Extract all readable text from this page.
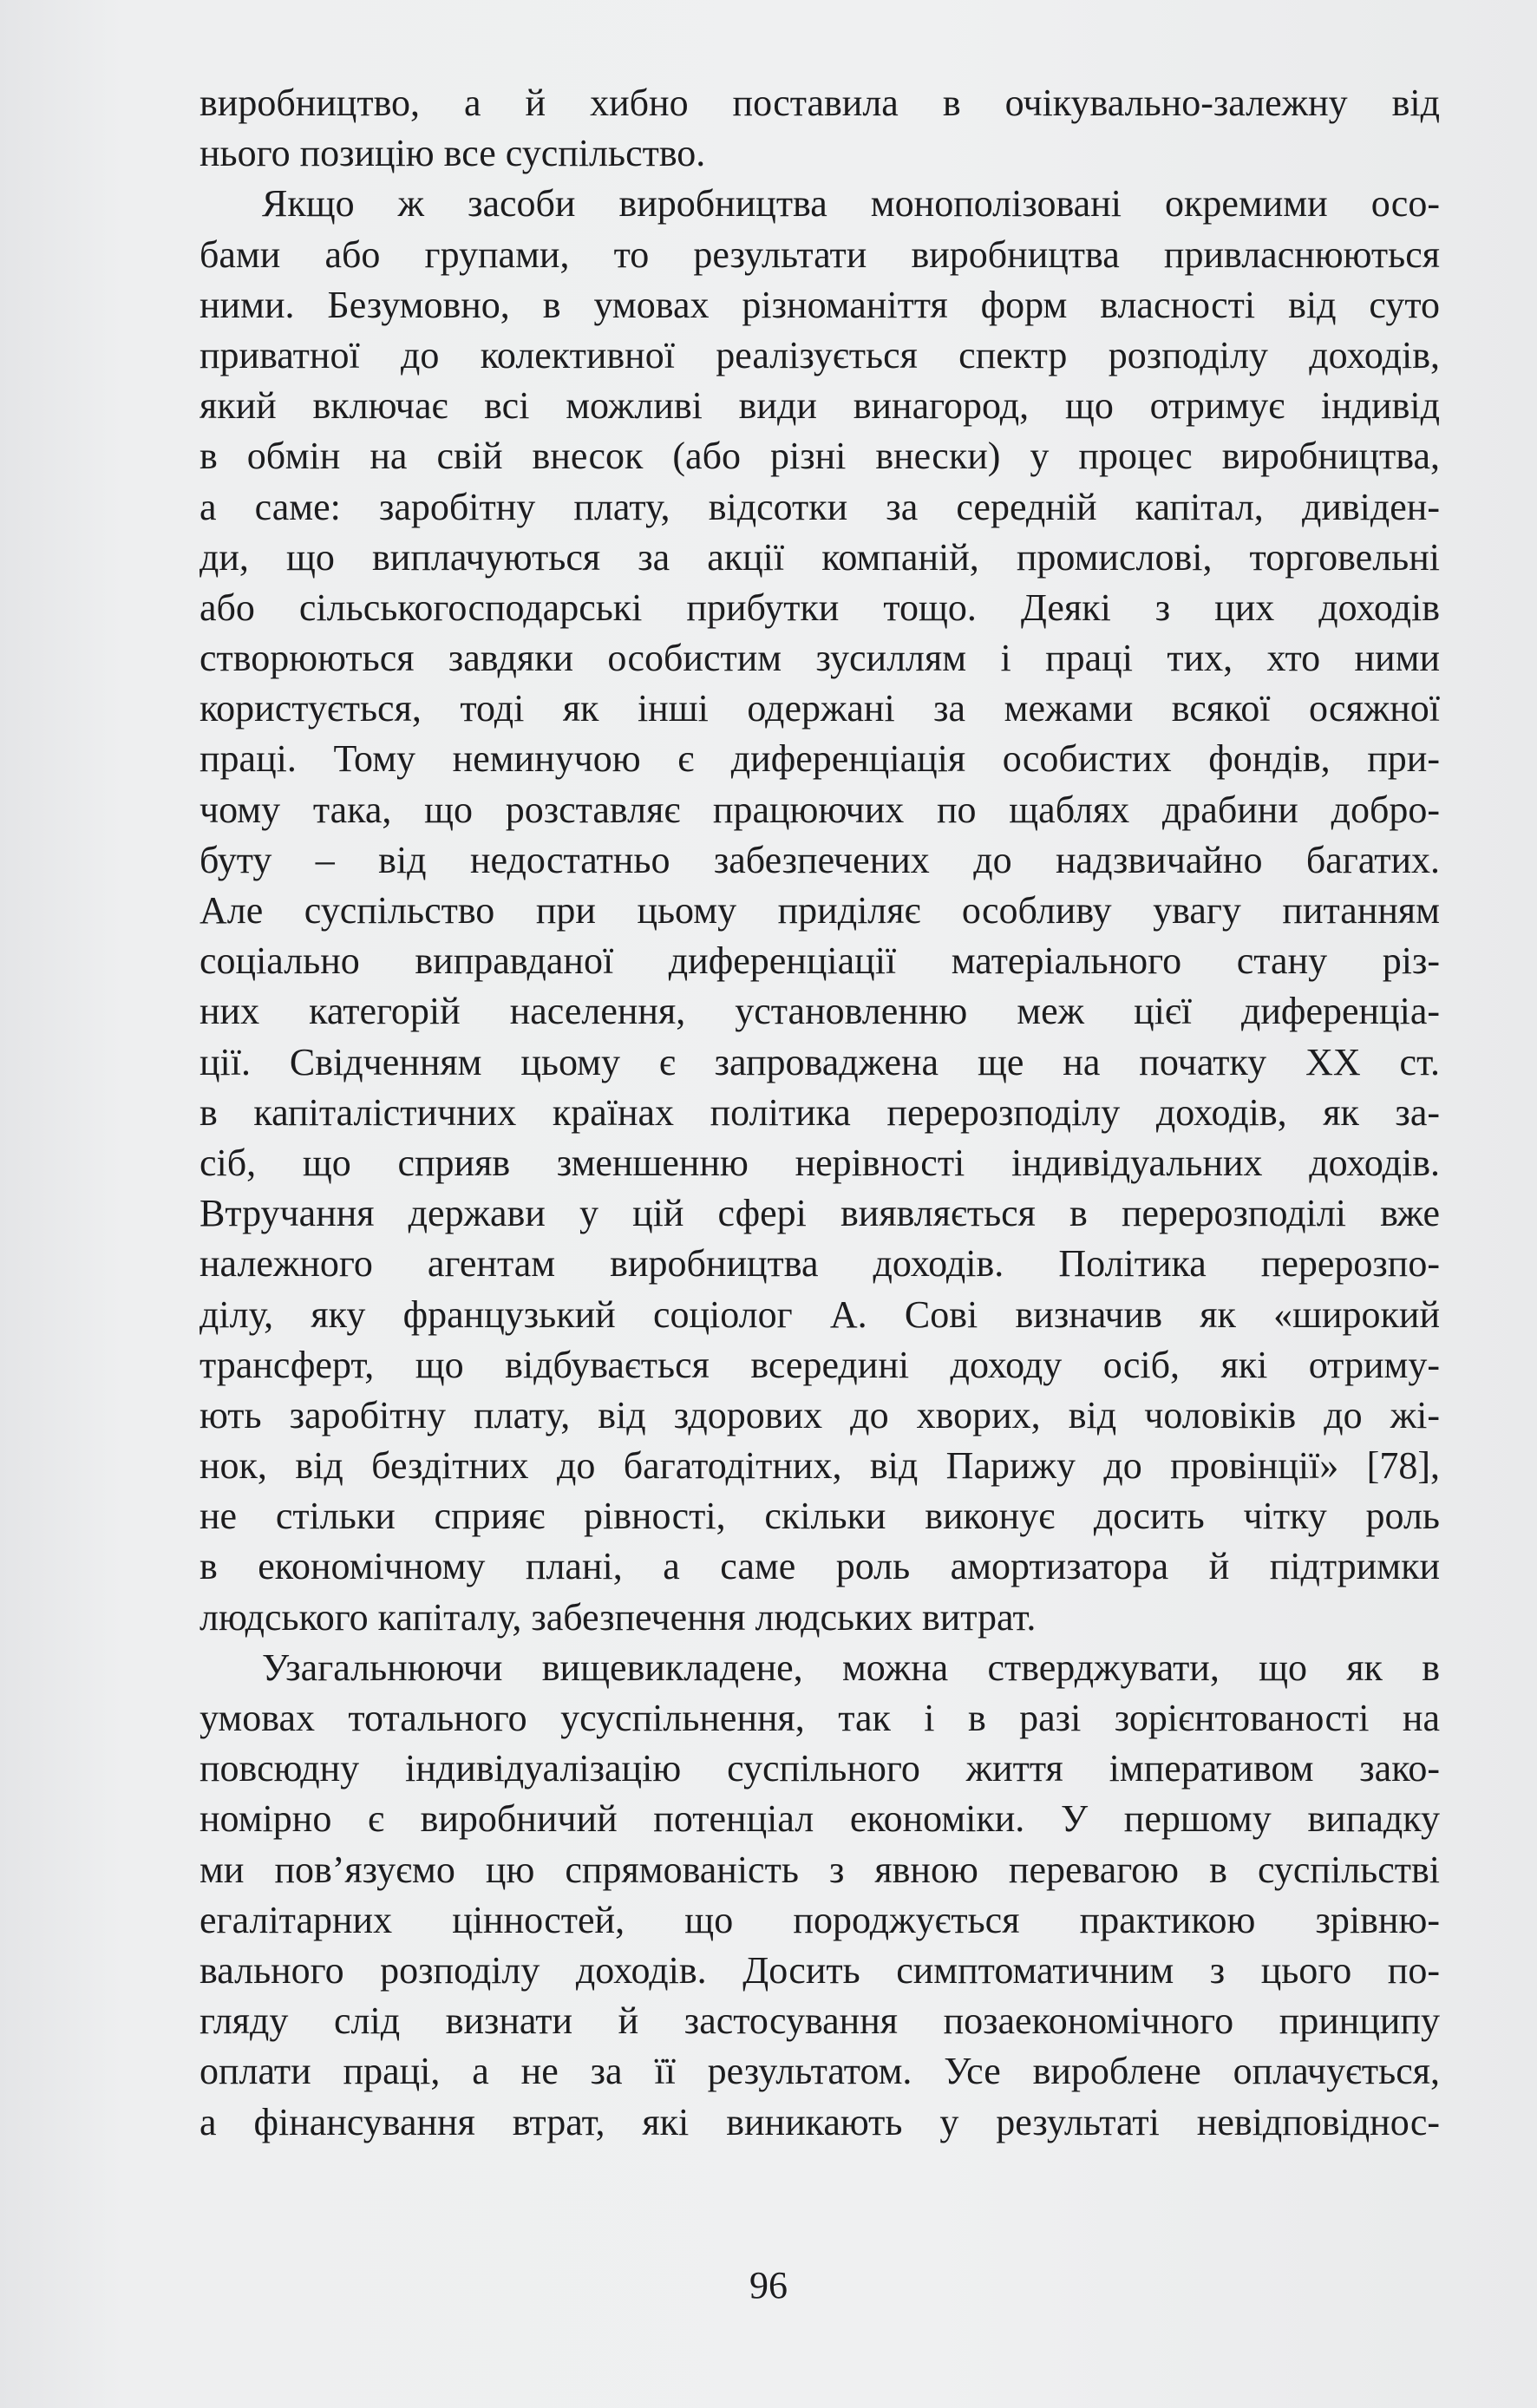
виробництво, а й хибно поставила в очікувально-залежну від
нього позицію все суспільство.
Якщо ж засоби виробництва монополізовані окремими осо-
бами або групами, то результати виробництва привласнюються
ними. Безумовно, в умовах різноманіття форм власності від суто
приватної до колективної реалізується спектр розподілу доходів,
який включає всі можливі види винагород, що отримує індивід
в обмін на свій внесок (або різні внески) у процес виробництва,
а саме: заробітну плату, відсотки за середній капітал, дивіден-
ди, що виплачуються за акції компаній, промислові, торговельні
або сільськогосподарські прибутки тощо. Деякі з цих доходів
створюються завдяки особистим зусиллям і праці тих, хто ними
користується, тоді як інші одержані за межами всякої осяжної
праці. Тому неминучою є диференціація особистих фондів, при-
чому така, що розставляє працюючих по щаблях драбини добро-
буту – від недостатньо забезпечених до надзвичайно багатих.
Але суспільство при цьому приділяє особливу увагу питанням
соціально виправданої диференціації матеріального стану різ-
них категорій населення, установленню меж цієї диференціа-
ції. Свідченням цьому є запроваджена ще на початку XX ст.
в капіталістичних країнах політика перерозподілу доходів, як за-
сіб, що сприяв зменшенню нерівності індивідуальних доходів.
Втручання держави у цій сфері виявляється в перерозподілі вже
належного агентам виробництва доходів. Політика перерозпо-
ділу, яку французький соціолог А. Сові визначив як «широкий
трансферт, що відбувається всередині доходу осіб, які отриму-
ють заробітну плату, від здорових до хворих, від чоловіків до жі-
нок, від бездітних до багатодітних, від Парижу до провінції» [78],
не стільки сприяє рівності, скільки виконує досить чітку роль
в економічному плані, а саме роль амортизатора й підтримки
людського капіталу, забезпечення людських витрат.
Узагальнюючи вищевикладене, можна стверджувати, що як в
умовах тотального усуспільнення, так і в разі зорієнтованості на
повсюдну індивідуалізацію суспільного життя імперативом зако-
номірно є виробничий потенціал економіки. У першому випадку
ми пов’язуємо цю спрямованість з явною перевагою в суспільстві
егалітарних цінностей, що породжується практикою зрівню-
вального розподілу доходів. Досить симптоматичним з цього по-
гляду слід визнати й застосування позаекономічного принципу
оплати праці, а не за її результатом. Усе вироблене оплачується,
а фінансування втрат, які виникають у результаті невідповіднос-
96
